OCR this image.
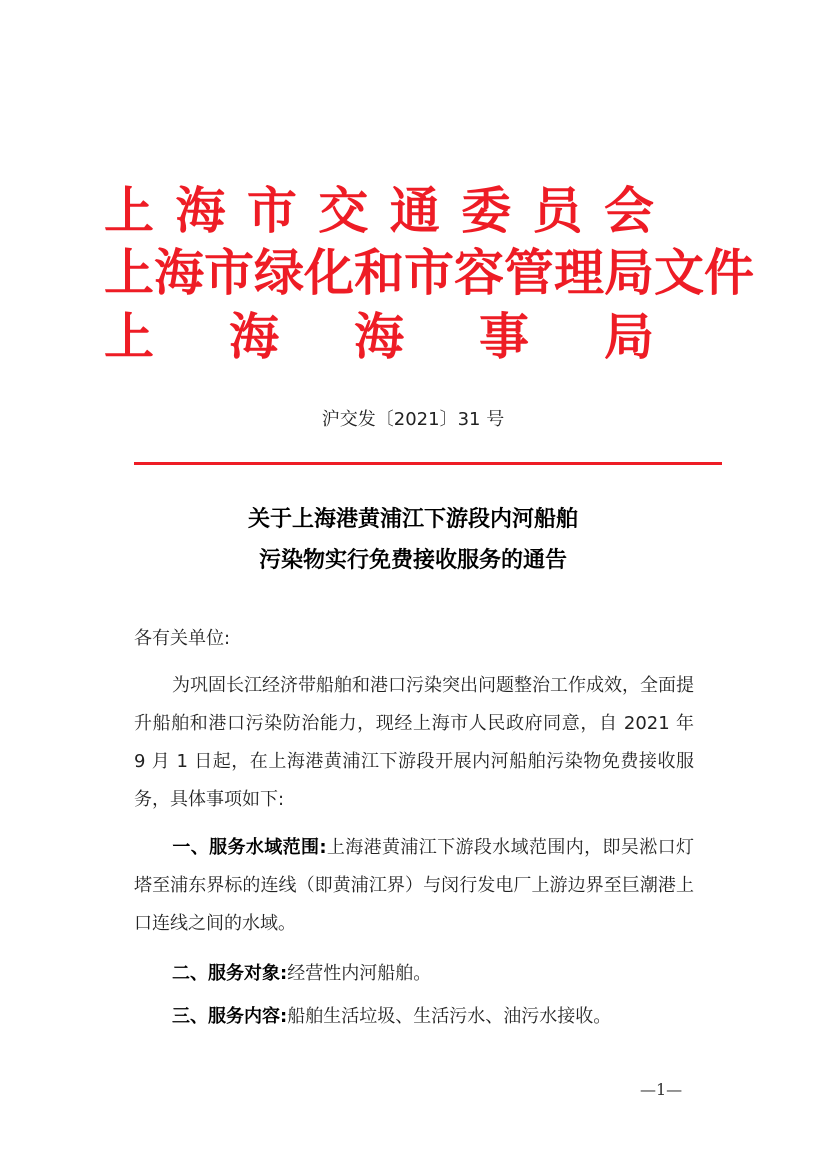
上 海 市 交 通 委 员 会
上 海 市 绿 化 和 市 容 管 理 局 文件
上 海 海 事 局
沪交发〔2021〕31 号
关于上海港黄浦江下游段内河船舶
污染物实行免费接收服务的通告
各有关单位:
为巩固长江经济带船舶和港口污染突出问题整治工作成效，全面提升船舶和港口污染防治能力，现经上海市人民政府同意，自 2021 年 9 月 1 日起，在上海港黄浦江下游段开展内河船舶污染物免费接收服务，具体事项如下:
一、服务水域范围:上海港黄浦江下游段水域范围内，即吴淞口灯塔至浦东界标的连线（即黄浦江界）与闵行发电厂上游边界至巨潮港上口连线之间的水域。
二、服务对象:经营性内河船舶。
三、服务内容:船舶生活垃圾、生活污水、油污水接收。
—1—
